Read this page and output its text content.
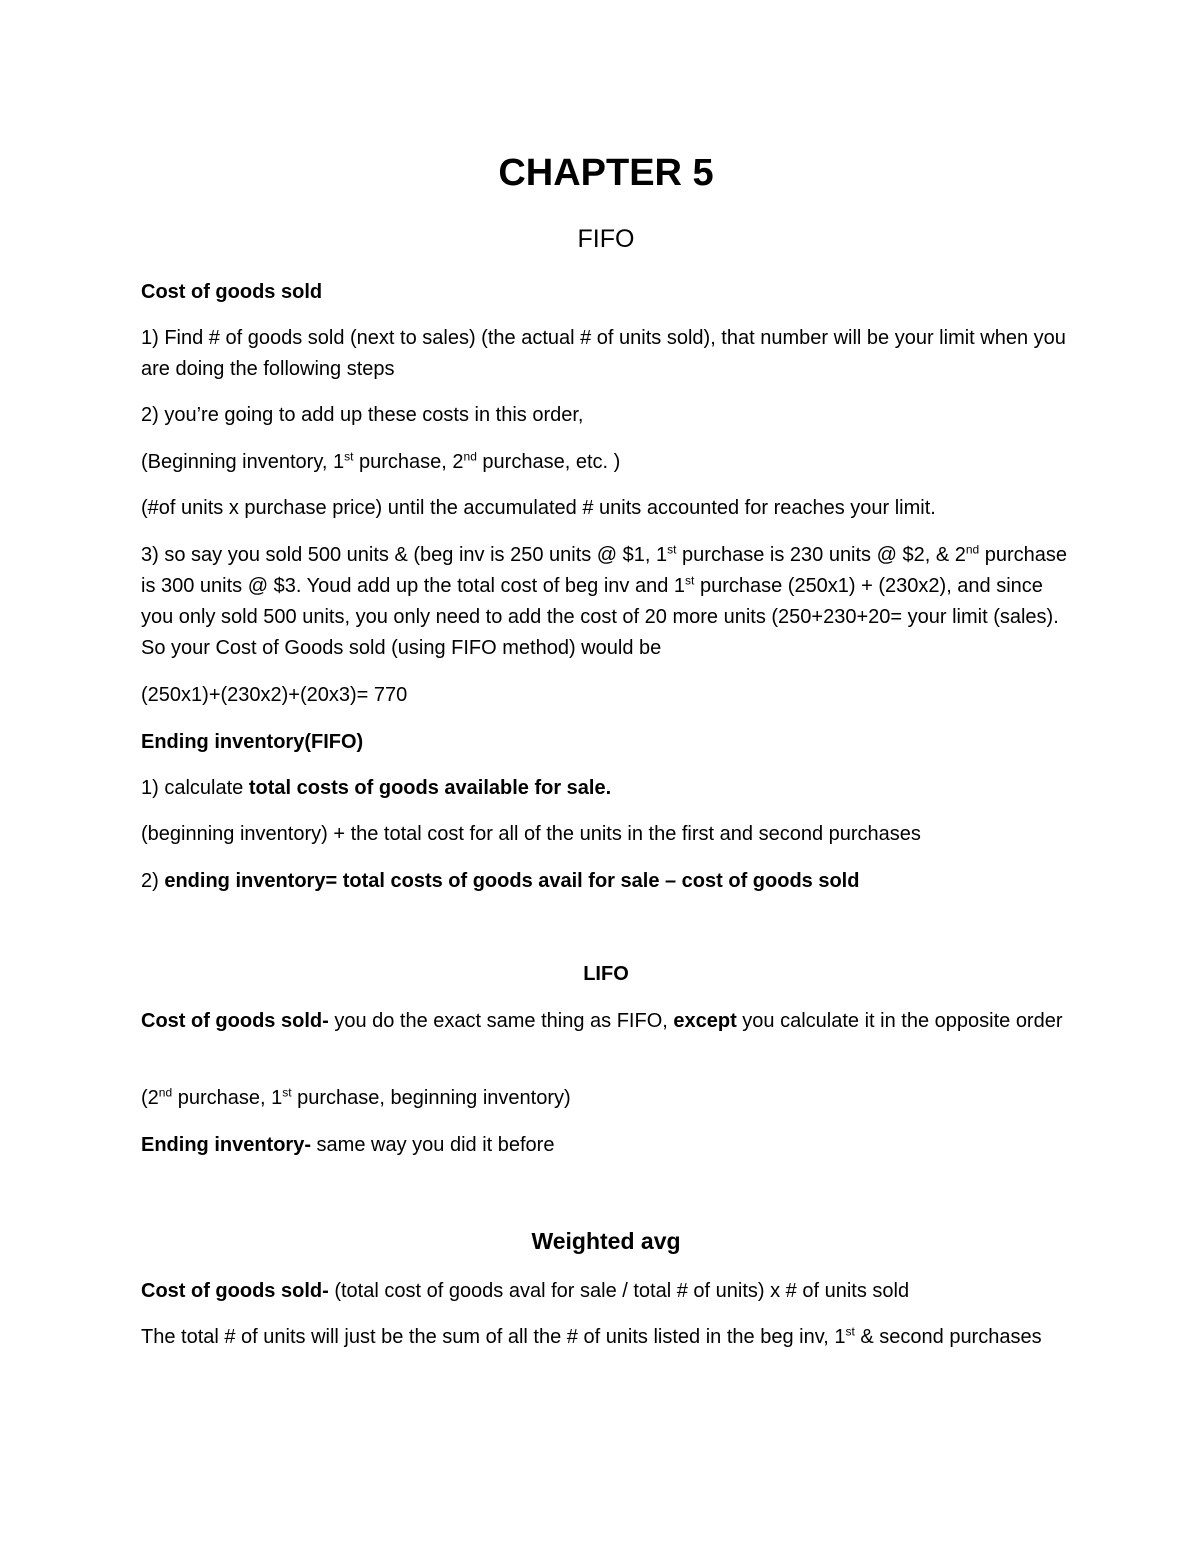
CHAPTER 5
FIFO

Cost of goods sold

1) Find # of goods sold (next to sales) (the actual # of units sold), that number will be your limit when you are doing the following steps

2) you’re going to add up these costs in this order,

(Beginning inventory, 1st purchase, 2nd purchase, etc. )

(#of units x purchase price) until the accumulated # units accounted for reaches your limit.

3) so say you sold 500 units & (beg inv is 250 units @ $1, 1st purchase is 230 units @ $2, & 2nd purchase is 300 units @ $3. Youd add up the total cost of beg inv and 1st purchase (250x1) + (230x2), and since you only sold 500 units, you only need to add the cost of 20 more units (250+230+20= your limit (sales). So your Cost of Goods sold (using FIFO method) would be

(250x1)+(230x2)+(20x3)= 770

Ending inventory(FIFO)

1) calculate total costs of goods available for sale.

(beginning inventory) + the total cost for all of the units in the first and second purchases

2) ending inventory= total costs of goods avail for sale – cost of goods sold

LIFO

Cost of goods sold- you do the exact same thing as FIFO, except you calculate it in the opposite order

(2nd purchase, 1st purchase, beginning inventory)

Ending inventory- same way you did it before

Weighted avg

Cost of goods sold- (total cost of goods aval for sale / total # of units) x # of units sold

The total # of units will just be the sum of all the # of units listed in the beg inv, 1st & second purchases
